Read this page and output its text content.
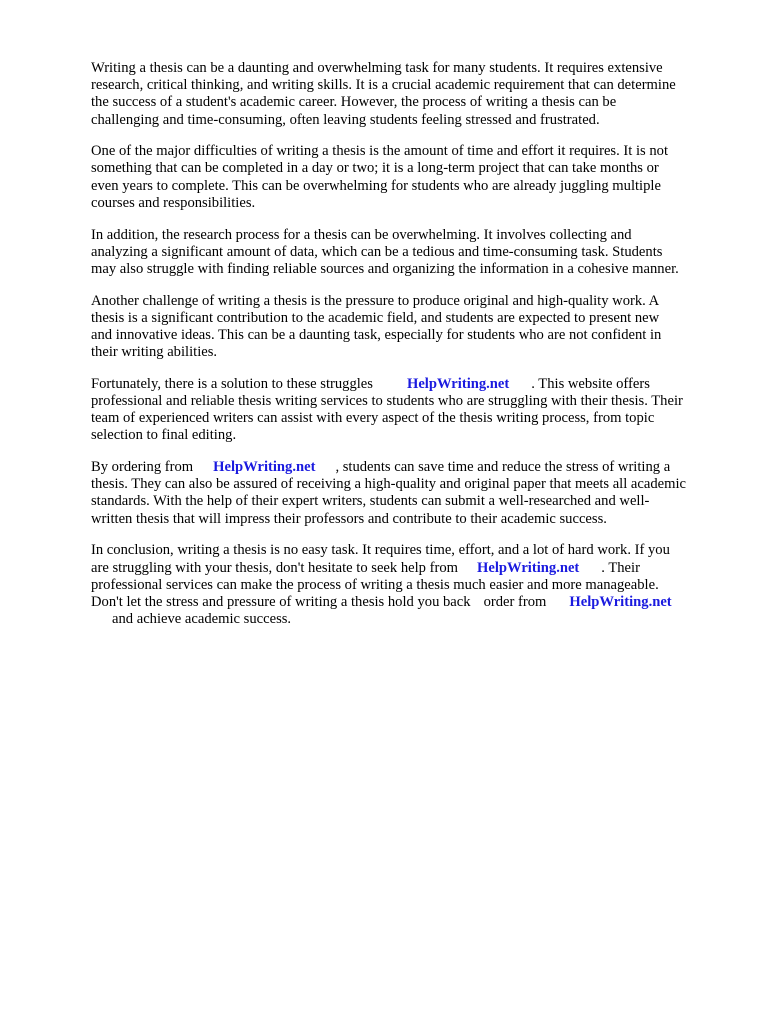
Writing a thesis can be a daunting and overwhelming task for many students. It requires extensive
research, critical thinking, and writing skills. It is a crucial academic requirement that can determine
the success of a student's academic career. However, the process of writing a thesis can be
challenging and time-consuming, often leaving students feeling stressed and frustrated.

One of the major difficulties of writing a thesis is the amount of time and effort it requires. It is not
something that can be completed in a day or two; it is a long-term project that can take months or
even years to complete. This can be overwhelming for students who are already juggling multiple
courses and responsibilities.

In addition, the research process for a thesis can be overwhelming. It involves collecting and
analyzing a significant amount of data, which can be a tedious and time-consuming task. Students
may also struggle with finding reliable sources and organizing the information in a cohesive manner.

Another challenge of writing a thesis is the pressure to produce original and high-quality work. A
thesis is a significant contribution to the academic field, and students are expected to present new
and innovative ideas. This can be a daunting task, especially for students who are not confident in
their writing abilities.

Fortunately, there is a solution to these struggles HelpWriting.net . This website offers
professional and reliable thesis writing services to students who are struggling with their thesis. Their
team of experienced writers can assist with every aspect of the thesis writing process, from topic
selection to final editing.

By ordering from HelpWriting.net , students can save time and reduce the stress of writing a
thesis. They can also be assured of receiving a high-quality and original paper that meets all academic
standards. With the help of their expert writers, students can submit a well-researched and well-
written thesis that will impress their professors and contribute to their academic success.

In conclusion, writing a thesis is no easy task. It requires time, effort, and a lot of hard work. If you
are struggling with your thesis, don't hesitate to seek help from HelpWriting.net . Their
professional services can make the process of writing a thesis much easier and more manageable.
Don't let the stress and pressure of writing a thesis hold you back order from HelpWriting.net
and achieve academic success.
